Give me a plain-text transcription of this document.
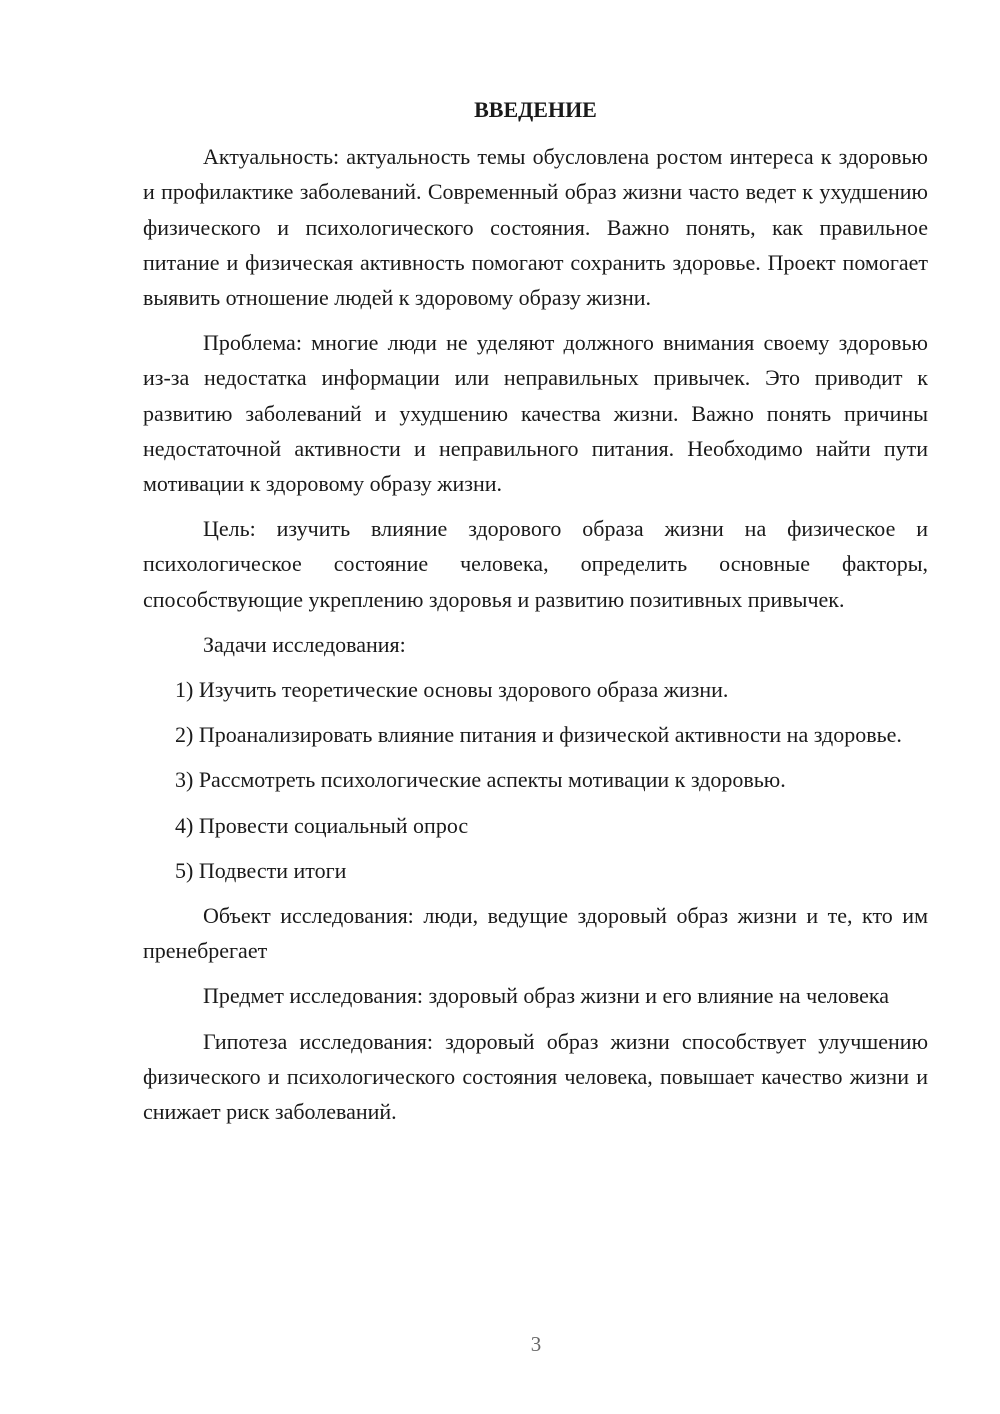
ВВЕДЕНИЕ

Актуальность: актуальность темы обусловлена ростом интереса к здоровью и профилактике заболеваний. Современный образ жизни часто ведет к ухудшению физического и психологического состояния. Важно понять, как правильное питание и физическая активность помогают сохранить здоровье. Проект помогает выявить отношение людей к здоровому образу жизни.

Проблема: многие люди не уделяют должного внимания своему здоровью из-за недостатка информации или неправильных привычек. Это приводит к развитию заболеваний и ухудшению качества жизни. Важно понять причины недостаточной активности и неправильного питания. Необходимо найти пути мотивации к здоровому образу жизни.

Цель: изучить влияние здорового образа жизни на физическое и психологическое состояние человека, определить основные факторы, способствующие укреплению здоровья и развитию позитивных привычек.

Задачи исследования:

1) Изучить теоретические основы здорового образа жизни.

2) Проанализировать влияние питания и физической активности на здоровье.

3) Рассмотреть психологические аспекты мотивации к здоровью.

4) Провести социальный опрос

5) Подвести итоги

Объект исследования: люди, ведущие здоровый образ жизни и те, кто им пренебрегает

Предмет исследования: здоровый образ жизни и его влияние на человека

Гипотеза исследования: здоровый образ жизни способствует улучшению физического и психологического состояния человека, повышает качество жизни и снижает риск заболеваний.

3
